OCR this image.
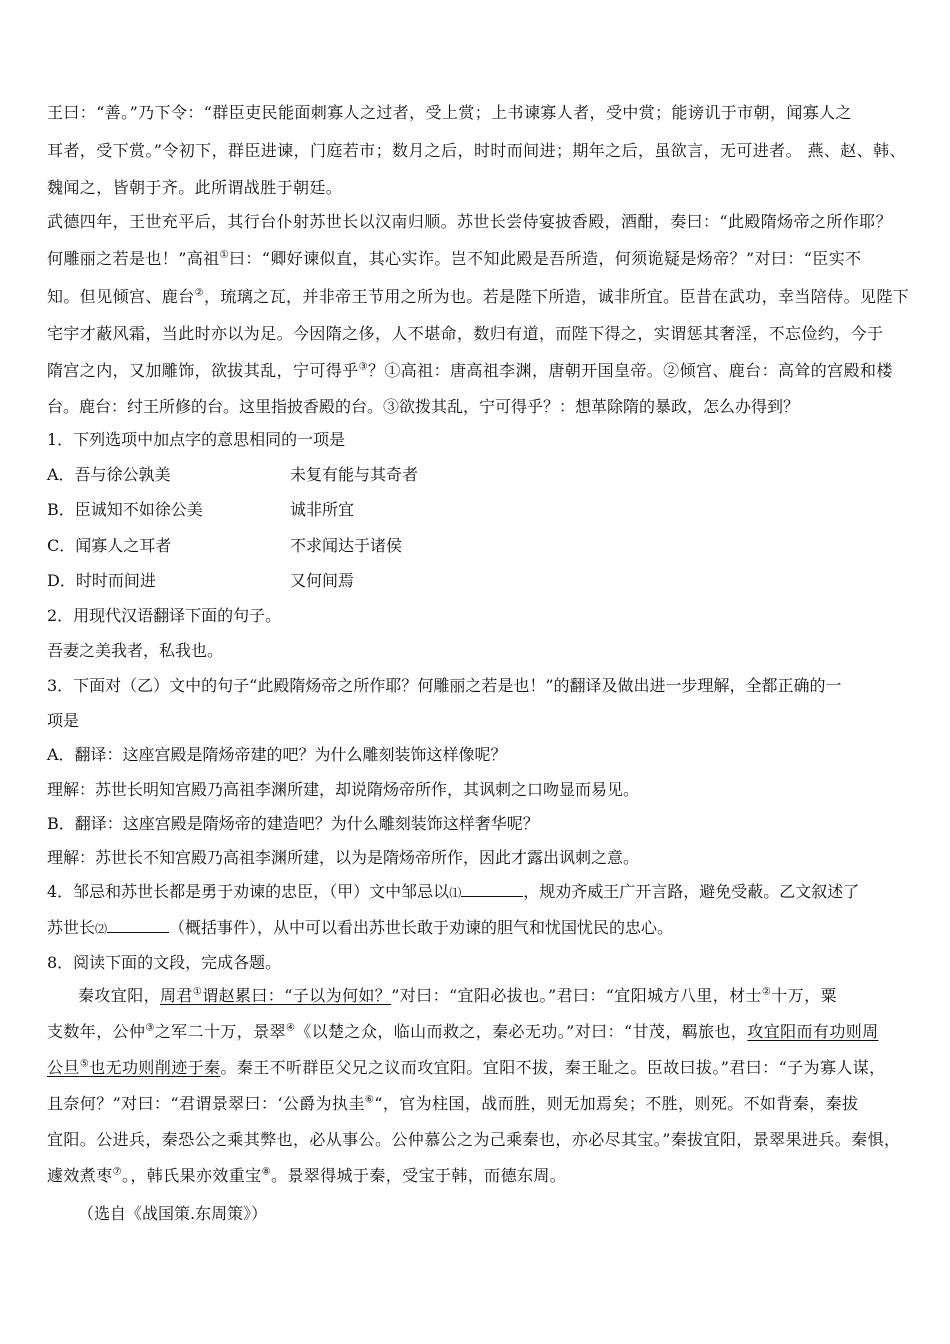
王曰：“善。”乃下令：“群臣吏民能面刺寡人之过者，受上赏；上书谏寡人者，受中赏；能谤讥于市朝，闻寡人之
耳者，受下赏。”令初下，群臣进谏，门庭若市；数月之后，时时而间进；期年之后，虽欲言，无可进者。 燕、赵、韩、
魏闻之，皆朝于齐。此所谓战胜于朝廷。
武德四年，王世充平后，其行台仆射苏世长以汉南归顺。苏世长尝侍宴披香殿，酒酣，奏曰：“此殿隋炀帝之所作耶？
何雕丽之若是也！”高祖①曰：“卿好谏似直，其心实诈。岂不知此殿是吾所造，何须诡疑是炀帝？”对曰：“臣实不
知。但见倾宫、鹿台②，琉璃之瓦，并非帝王节用之所为也。若是陛下所造，诚非所宜。臣昔在武功，幸当陪侍。见陛下
宅宇才蔽风霜，当此时亦以为足。今因隋之侈，人不堪命，数归有道，而陛下得之，实谓惩其奢淫，不忘俭约，今于
隋宫之内，又加雕饰，欲拔其乱，宁可得乎③？①高祖：唐高祖李渊，唐朝开国皇帝。②倾宫、鹿台：高耸的宫殿和楼
台。鹿台：纣王所修的台。这里指披香殿的台。③欲拨其乱，宁可得乎？：想革除隋的暴政，怎么办得到？
1．下列选项中加点字的意思相同的一项是
A．吾与徐公孰美	未复有能与其奇者
B．臣诚知不如徐公美	诚非所宜
C．闻寡人之耳者	不求闻达于诸侯
D．时时而间进	又何间焉
2．用现代汉语翻译下面的句子。
吾妻之美我者，私我也。
3．下面对（乙）文中的句子“此殿隋炀帝之所作耶？何雕丽之若是也！”的翻译及做出进一步理解，全都正确的一
项是
A．翻译：这座宫殿是隋炀帝建的吧？为什么雕刻装饰这样像呢？
理解：苏世长明知宫殿乃高祖李渊所建，却说隋炀帝所作，其讽刺之口吻显而易见。
B．翻译：这座宫殿是隋炀帝的建造吧？为什么雕刻装饰这样奢华呢？
理解：苏世长不知宫殿乃高祖李渊所建，以为是隋炀帝所作，因此才露出讽刺之意。
4．邹忌和苏世长都是勇于劝谏的忠臣，（甲）文中邹忌以⑴	，规劝齐威王广开言路，避免受蔽。乙文叙述了
苏世长⑵	（概括事件），从中可以看出苏世长敢于劝谏的胆气和忧国忧民的忠心。
8．阅读下面的文段，完成各题。
秦攻宜阳，周君①谓赵累曰：“子以为何如？”对曰：“宜阳必拔也。”君曰：“宜阳城方八里，材士②十万，粟
支数年，公仲③之军二十万，景翠④《以楚之众，临山而救之，秦必无功。”对曰：“甘茂，羁旅也，攻宜阳而有功则周
公旦⑤也无功则削迹于秦。秦王不听群臣父兄之议而攻宜阳。宜阳不拔，秦王耻之。臣故曰拔。”君曰：“子为寡人谋，
且奈何？”对曰：“君谓景翠曰：‘公爵为执圭⑥“，官为柱国，战而胜，则无加焉矣；不胜，则死。不如背秦，秦拔
宜阳。公进兵，秦恐公之乘其弊也，必从事公。公仲慕公之为己乘秦也，亦必尽其宝。”秦拔宜阳，景翠果进兵。秦惧，
遽效煮枣⑦。，韩氏果亦效重宝⑧。景翠得城于秦，受宝于韩，而德东周。
（选自《战国策.东周策》）
